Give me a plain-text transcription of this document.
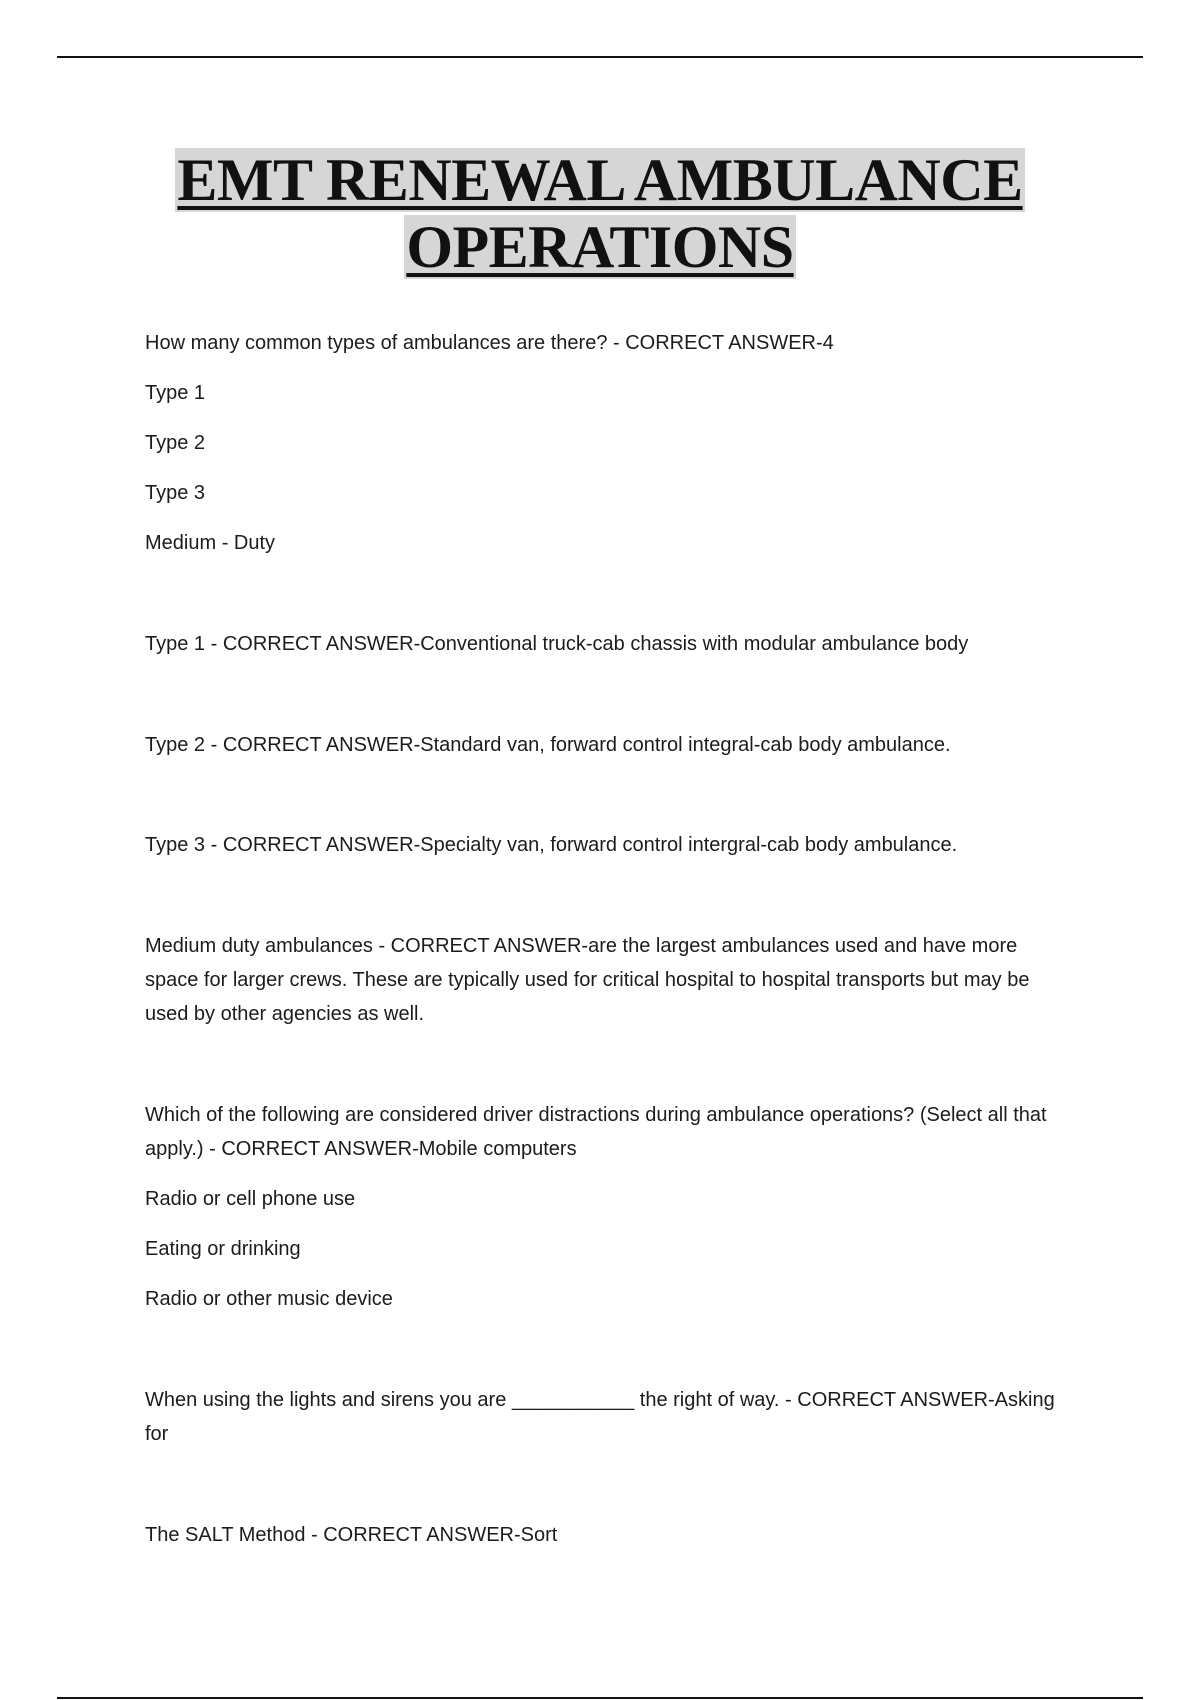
EMT RENEWAL AMBULANCE
OPERATIONS
How many common types of ambulances are there? - CORRECT ANSWER-4
Type 1
Type 2
Type 3
Medium - Duty
Type 1 - CORRECT ANSWER-Conventional truck-cab chassis with modular ambulance body
Type 2 - CORRECT ANSWER-Standard van, forward control integral-cab body ambulance.
Type 3 - CORRECT ANSWER-Specialty van, forward control intergral-cab body ambulance.
Medium duty ambulances - CORRECT ANSWER-are the largest ambulances used and have more space for larger crews. These are typically used for critical hospital to hospital transports but may be used by other agencies as well.
Which of the following are considered driver distractions during ambulance operations? (Select all that apply.) - CORRECT ANSWER-Mobile computers
Radio or cell phone use
Eating or drinking
Radio or other music device
When using the lights and sirens you are ___________ the right of way. - CORRECT ANSWER-Asking for
The SALT Method - CORRECT ANSWER-Sort
